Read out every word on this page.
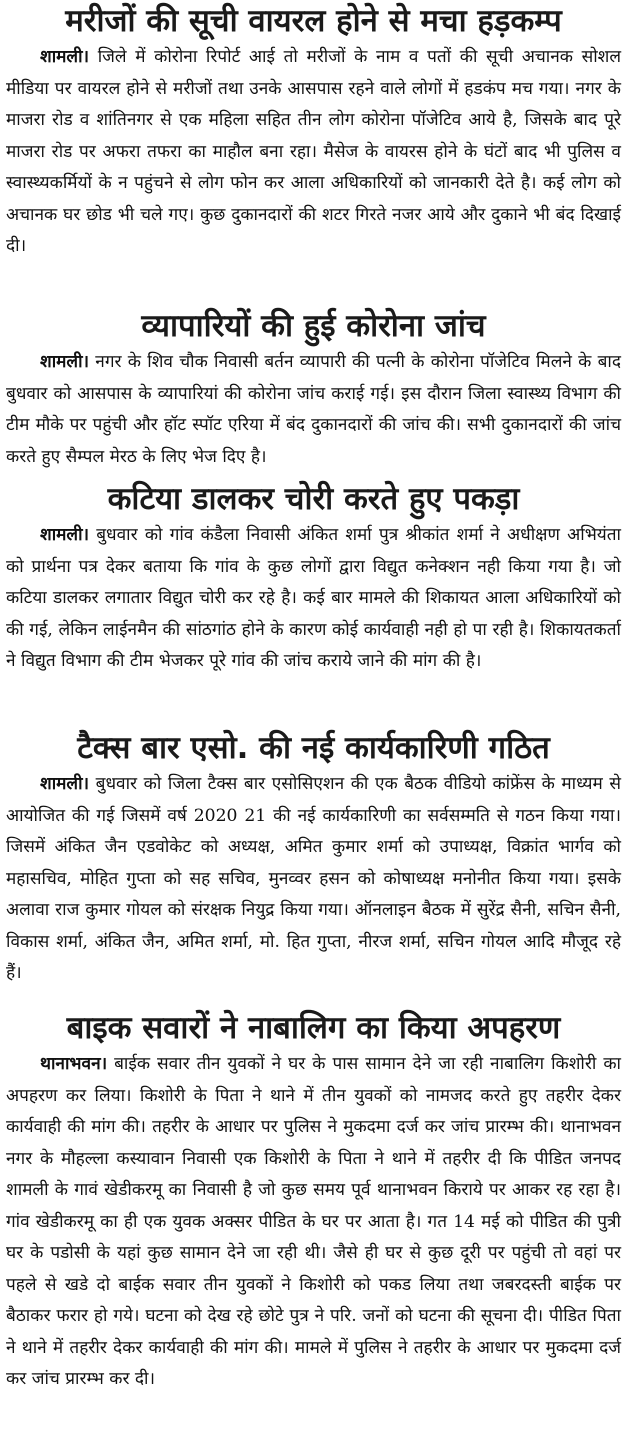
मरीजों की सूची वायरल होने से मचा हड़कम्प

शामली। जिले में कोरोना रिपोर्ट आई तो मरीजों के नाम व पतों की सूची अचानक सोशल मीडिया पर वायरल होने से मरीजों तथा उनके आसपास रहने वाले लोगों में हडकंप मच गया। नगर के माजरा रोड व शांतिनगर से एक महिला सहित तीन लोग कोरोना पॉजेटिव आये है, जिसके बाद पूरे माजरा रोड पर अफरा तफरा का माहौल बना रहा। मैसेज के वायरस होने के घंटों बाद भी पुलिस व स्वास्थ्यकर्मियों के न पहुंचने से लोग फोन कर आला अधिकारियों को जानकारी देते है। कई लोग को अचानक घर छोड भी चले गए। कुछ दुकानदारों की शटर गिरते नजर आये और दुकाने भी बंद दिखाई दी।

व्यापारियों की हुई कोरोना जांच

शामली। नगर के शिव चौक निवासी बर्तन व्यापारी की पत्नी के कोरोना पॉजेटिव मिलने के बाद बुधवार को आसपास के व्यापारियां की कोरोना जांच कराई गई। इस दौरान जिला स्वास्थ्य विभाग की टीम मौके पर पहुंची और हॉट स्पॉट एरिया में बंद दुकानदारों की जांच की। सभी दुकानदारों की जांच करते हुए सैम्पल मेरठ के लिए भेज दिए है।

कटिया डालकर चोरी करते हुए पकड़ा

शामली। बुधवार को गांव कंडैला निवासी अंकित शर्मा पुत्र श्रीकांत शर्मा ने अधीक्षण अभियंता को प्रार्थना पत्र देकर बताया कि गांव के कुछ लोगों द्वारा विद्युत कनेक्शन नही किया गया है। जो कटिया डालकर लगातार विद्युत चोरी कर रहे है। कई बार मामले की शिकायत आला अधिकारियों को की गई, लेकिन लाईनमैन की सांठगांठ होने के कारण कोई कार्यवाही नही हो पा रही है। शिकायतकर्ता ने विद्युत विभाग की टीम भेजकर पूरे गांव की जांच कराये जाने की मांग की है।

टैक्स बार एसो. की नई कार्यकारिणी गठित

शामली। बुधवार को जिला टैक्स बार एसोसिएशन की एक बैठक वीडियो कांफ्रेंस के माध्यम से आयोजित की गई जिसमें वर्ष 2020 21 की नई कार्यकारिणी का सर्वसम्मति से गठन किया गया। जिसमें अंकित जैन एडवोकेट को अध्यक्ष, अमित कुमार शर्मा को उपाध्यक्ष, विक्रांत भार्गव को महासचिव, मोहित गुप्ता को सह सचिव, मुनव्वर हसन को कोषाध्यक्ष मनोनीत किया गया। इसके अलावा राज कुमार गोयल को संरक्षक नियुद्र किया गया। ऑनलाइन बैठक में सुरेंद्र सैनी, सचिन सैनी, विकास शर्मा, अंकित जैन, अमित शर्मा, मो. हित गुप्ता, नीरज शर्मा, सचिन गोयल आदि मौजूद रहे हैं।

बाइक सवारों ने नाबालिग का किया अपहरण

थानाभवन। बाईक सवार तीन युवकों ने घर के पास सामान देने जा रही नाबालिग किशोरी का अपहरण कर लिया। किशोरी के पिता ने थाने में तीन युवकों को नामजद करते हुए तहरीर देकर कार्यवाही की मांग की। तहरीर के आधार पर पुलिस ने मुकदमा दर्ज कर जांच प्रारम्भ की। थानाभवन नगर के मौहल्ला कस्यावान निवासी एक किशोरी के पिता ने थाने में तहरीर दी कि पीडित जनपद शामली के गावं खेडीकरमू का निवासी है जो कुछ समय पूर्व थानाभवन किराये पर आकर रह रहा है। गांव खेडीकरमू का ही एक युवक अक्सर पीडित के घर पर आता है। गत 14 मई को पीडित की पुत्री घर के पडोसी के यहां कुछ सामान देने जा रही थी। जैसे ही घर से कुछ दूरी पर पहुंची तो वहां पर पहले से खडे दो बाईक सवार तीन युवकों ने किशोरी को पकड लिया तथा जबरदस्ती बाईक पर बैठाकर फरार हो गये। घटना को देख रहे छोटे पुत्र ने परि. जनों को घटना की सूचना दी। पीडित पिता ने थाने में तहरीर देकर कार्यवाही की मांग की। मामले में पुलिस ने तहरीर के आधार पर मुकदमा दर्ज कर जांच प्रारम्भ कर दी।
